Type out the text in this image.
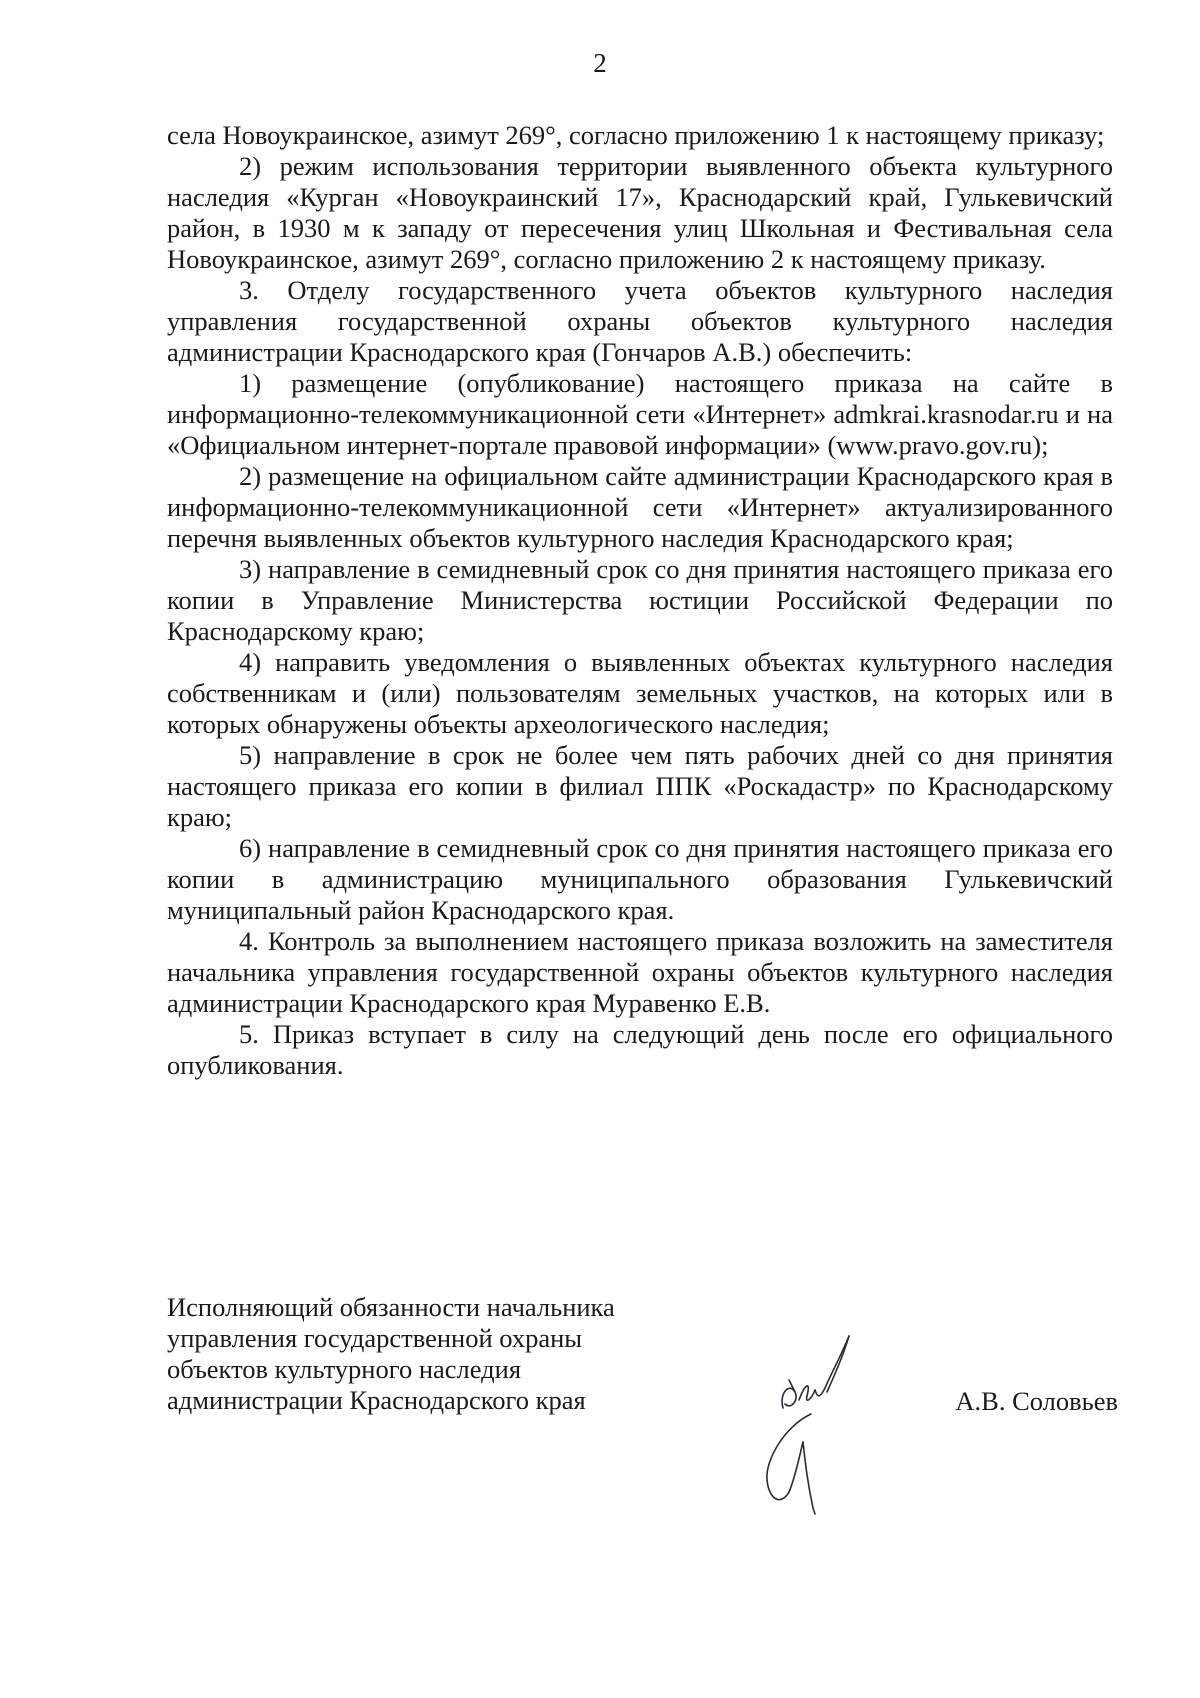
2

села Новоукраинское, азимут 269°, согласно приложению 1 к настоящему приказу;

2) режим использования территории выявленного объекта культурного наследия «Курган «Новоукраинский 17», Краснодарский край, Гулькевичский район, в 1930 м к западу от пересечения улиц Школьная и Фестивальная села Новоукраинское, азимут 269°, согласно приложению 2 к настоящему приказу.

3. Отделу государственного учета объектов культурного наследия управления государственной охраны объектов культурного наследия администрации Краснодарского края (Гончаров А.В.) обеспечить:

1) размещение (опубликование) настоящего приказа на сайте в информационно-телекоммуникационной сети «Интернет» admkrai.krasnodar.ru и на «Официальном интернет-портале правовой информации» (www.pravo.gov.ru);

2) размещение на официальном сайте администрации Краснодарского края в информационно-телекоммуникационной сети «Интернет» актуализированного перечня выявленных объектов культурного наследия Краснодарского края;

3) направление в семидневный срок со дня принятия настоящего приказа его копии в Управление Министерства юстиции Российской Федерации по Краснодарскому краю;

4) направить уведомления о выявленных объектах культурного наследия собственникам и (или) пользователям земельных участков, на которых или в которых обнаружены объекты археологического наследия;

5) направление в срок не более чем пять рабочих дней со дня принятия настоящего приказа его копии в филиал ППК «Роскадастр» по Краснодарскому краю;

6) направление в семидневный срок со дня принятия настоящего приказа его копии в администрацию муниципального образования Гулькевичский муниципальный район Краснодарского края.

4. Контроль за выполнением настоящего приказа возложить на заместителя начальника управления государственной охраны объектов культурного наследия администрации Краснодарского края Муравенко Е.В.

5. Приказ вступает в силу на следующий день после его официального опубликования.

Исполняющий обязанности начальника
управления государственной охраны
объектов культурного наследия
администрации Краснодарского края	А.В. Соловьев
